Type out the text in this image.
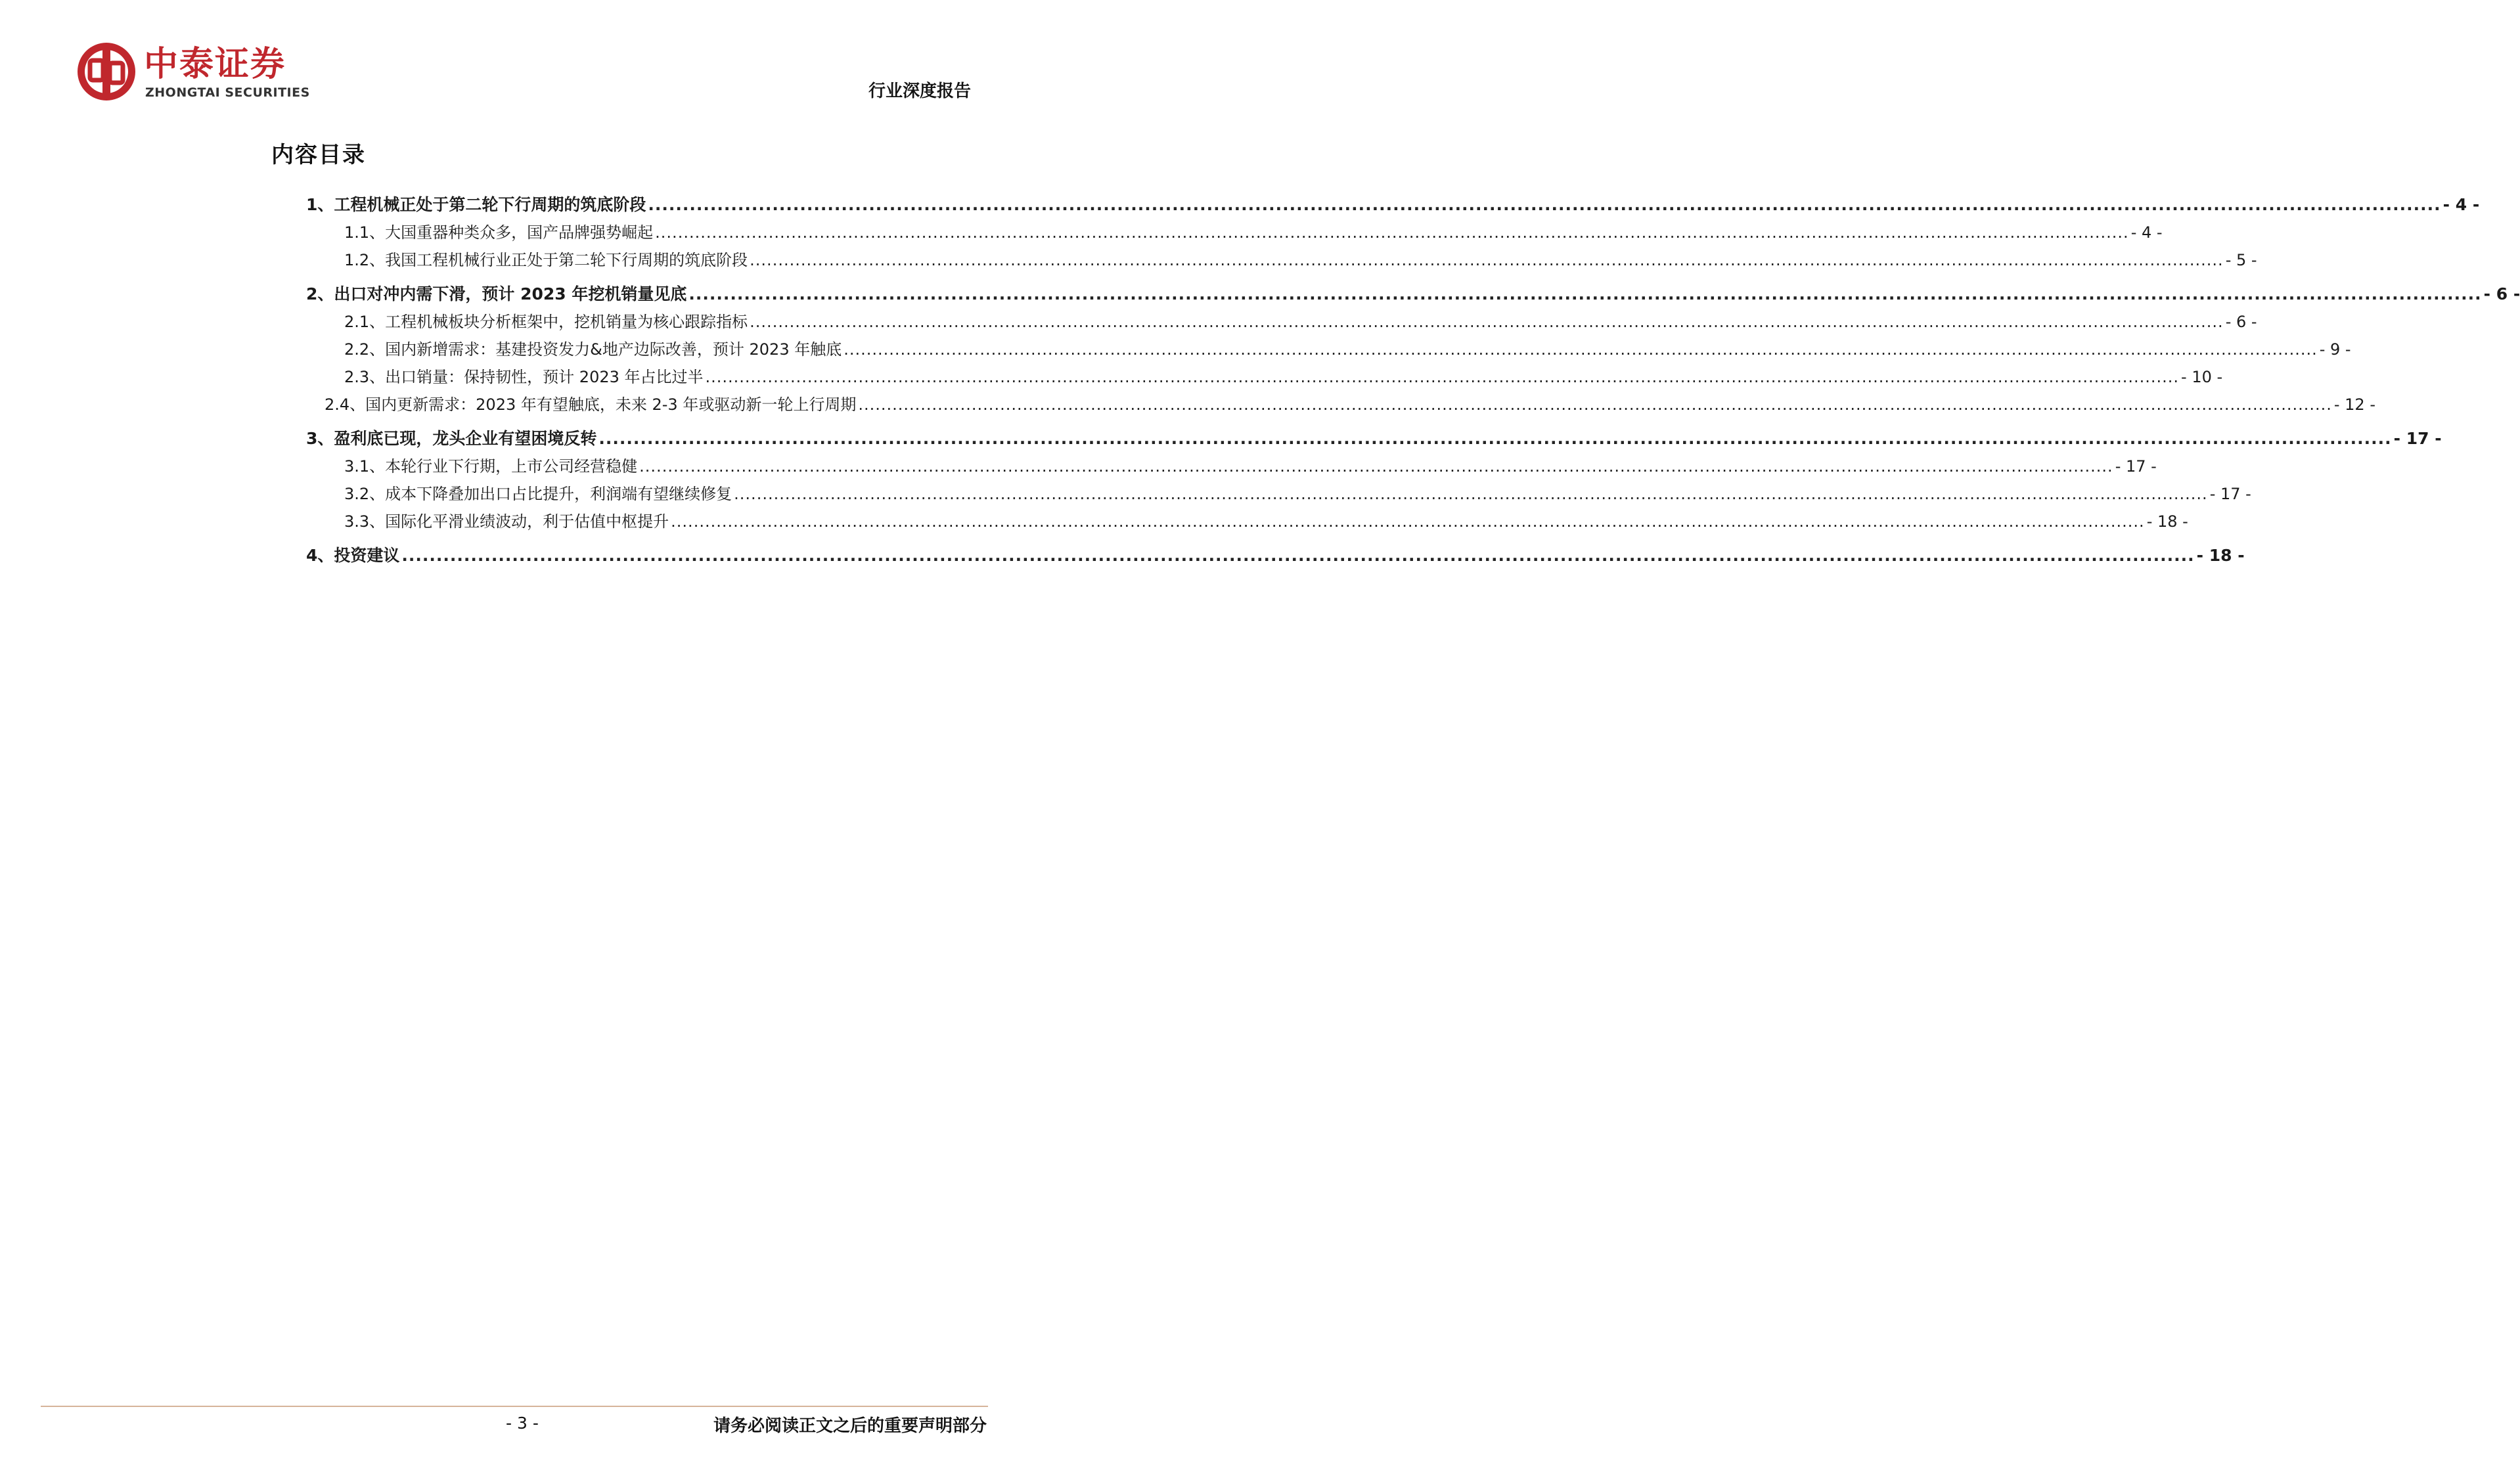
中泰证券
ZHONGTAI SECURITIES	行业深度报告
内容目录
1、工程机械正处于第二轮下行周期的筑底阶段 .................................................................................................................................................................................................................................................................... - 4 -
1.1、大国重器种类众多，国产品牌强势崛起 .................................................................................................................................................................................................................................................................... - 4 -
1.2、我国工程机械行业正处于第二轮下行周期的筑底阶段 .................................................................................................................................................................................................................................................................... - 5 -
2、出口对冲内需下滑，预计 2023 年挖机销量见底 .................................................................................................................................................................................................................................................................... - 6 -
2.1、工程机械板块分析框架中，挖机销量为核心跟踪指标 .................................................................................................................................................................................................................................................................... - 6 -
2.2、国内新增需求：基建投资发力&地产边际改善，预计 2023 年触底 .................................................................................................................................................................................................................................................................... - 9 -
2.3、出口销量：保持韧性，预计 2023 年占比过半 .................................................................................................................................................................................................................................................................... - 10 -
2.4、国内更新需求：2023 年有望触底，未来 2-3 年或驱动新一轮上行周期 .................................................................................................................................................................................................................................................................... - 12 -
3、盈利底已现，龙头企业有望困境反转 .................................................................................................................................................................................................................................................................... - 17 -
3.1、本轮行业下行期，上市公司经营稳健 .................................................................................................................................................................................................................................................................... - 17 -
3.2、成本下降叠加出口占比提升，利润端有望继续修复 .................................................................................................................................................................................................................................................................... - 17 -
3.3、国际化平滑业绩波动，利于估值中枢提升 .................................................................................................................................................................................................................................................................... - 18 -
4、投资建议 .................................................................................................................................................................................................................................................................... - 18 -
- 3 -	请务必阅读正文之后的重要声明部分
